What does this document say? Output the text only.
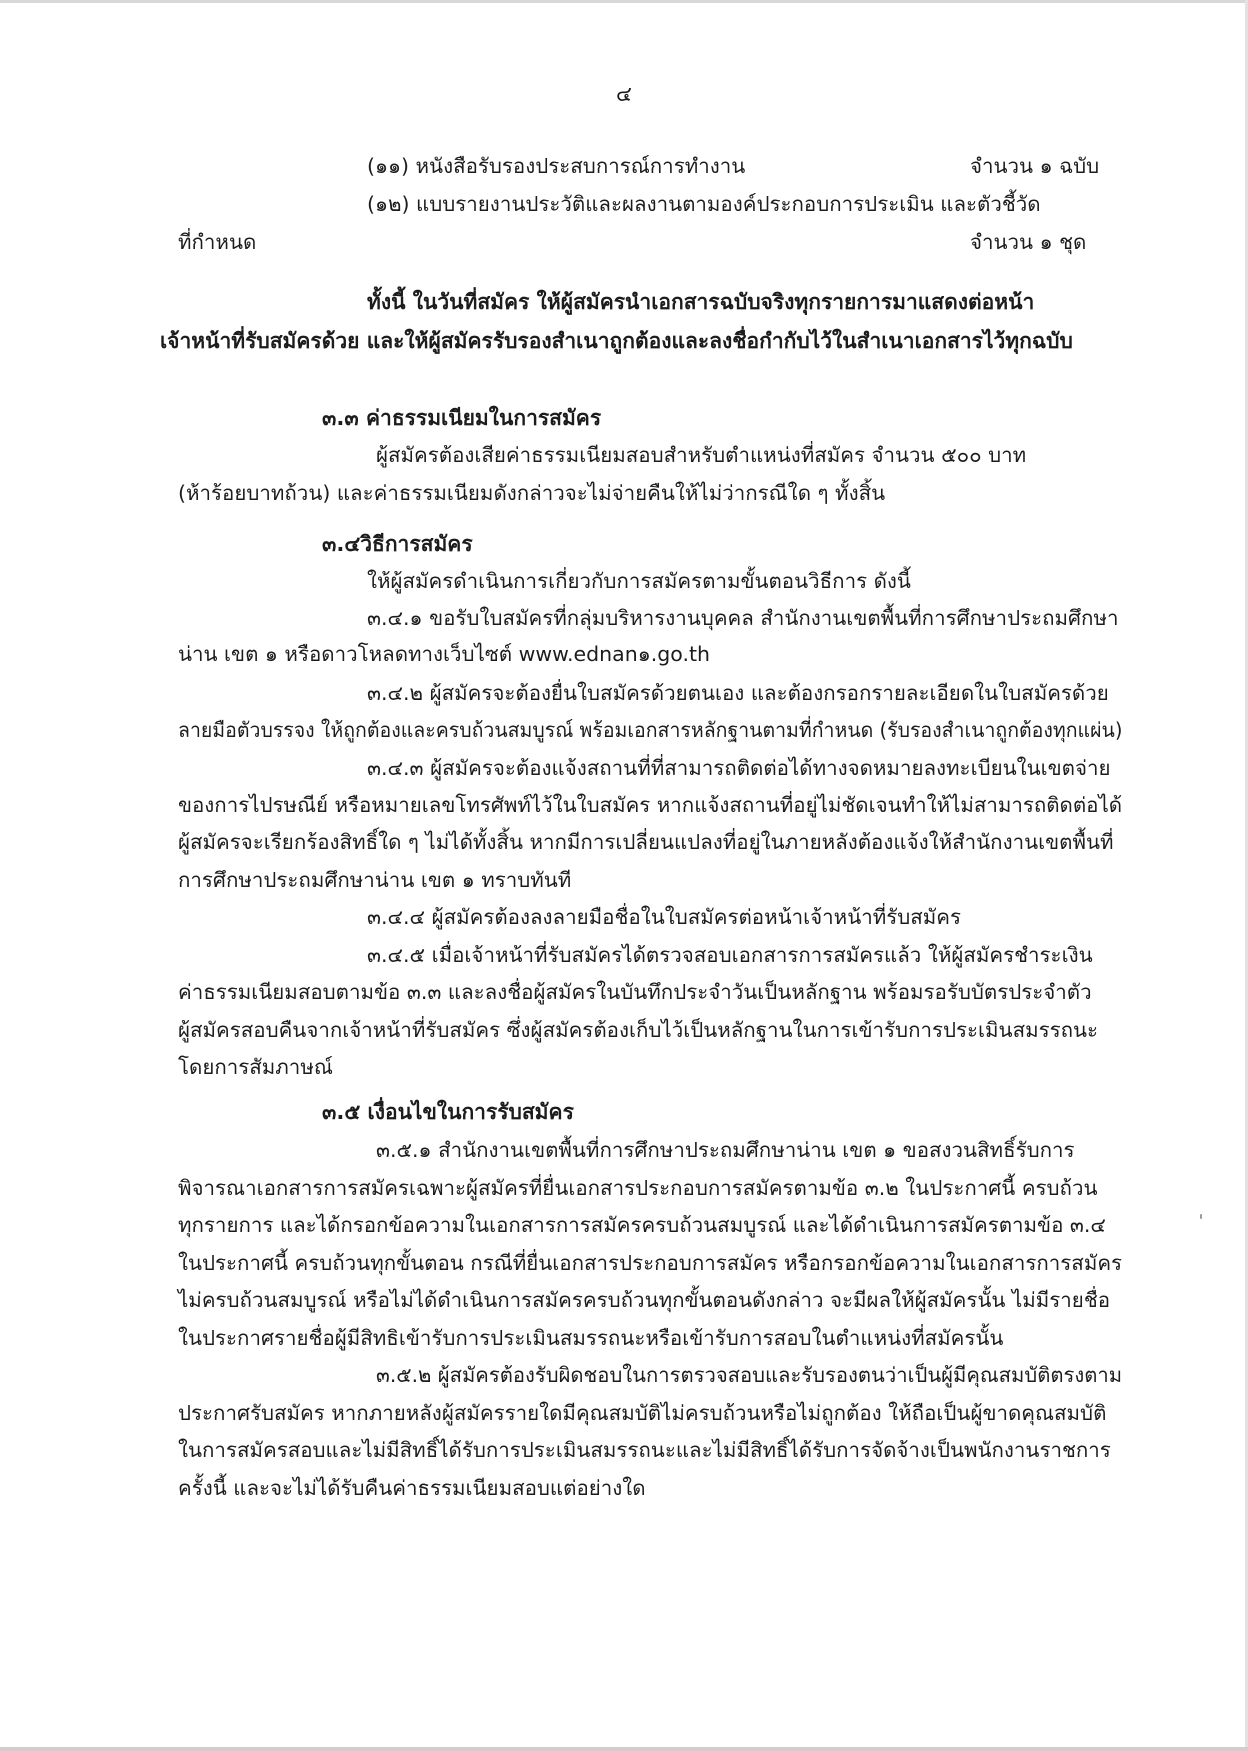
๔
(๑๑) หนังสือรับรองประสบการณ์การทำงาน	จำนวน ๑ ฉบับ
(๑๒) แบบรายงานประวัติและผลงานตามองค์ประกอบการประเมิน และตัวชี้วัด
ที่กำหนด	จำนวน ๑ ชุด
ทั้งนี้ ในวันที่สมัคร ให้ผู้สมัครนำเอกสารฉบับจริงทุกรายการมาแสดงต่อหน้า
เจ้าหน้าที่รับสมัครด้วย และให้ผู้สมัครรับรองสำเนาถูกต้องและลงชื่อกำกับไว้ในสำเนาเอกสารไว้ทุกฉบับ
๓.๓ ค่าธรรมเนียมในการสมัคร
ผู้สมัครต้องเสียค่าธรรมเนียมสอบสำหรับตำแหน่งที่สมัคร จำนวน ๕๐๐ บาท
(ห้าร้อยบาทถ้วน) และค่าธรรมเนียมดังกล่าวจะไม่จ่ายคืนให้ไม่ว่ากรณีใด ๆ ทั้งสิ้น
๓.๔วิธีการสมัคร
ให้ผู้สมัครดำเนินการเกี่ยวกับการสมัครตามขั้นตอนวิธีการ ดังนี้
๓.๔.๑ ขอรับใบสมัครที่กลุ่มบริหารงานบุคคล สำนักงานเขตพื้นที่การศึกษาประถมศึกษา
น่าน เขต ๑ หรือดาวโหลดทางเว็บไซต์ www.ednan๑.go.th
๓.๔.๒ ผู้สมัครจะต้องยื่นใบสมัครด้วยตนเอง และต้องกรอกรายละเอียดในใบสมัครด้วย
ลายมือตัวบรรจง ให้ถูกต้องและครบถ้วนสมบูรณ์ พร้อมเอกสารหลักฐานตามที่กำหนด (รับรองสำเนาถูกต้องทุกแผ่น)
๓.๔.๓ ผู้สมัครจะต้องแจ้งสถานที่ที่สามารถติดต่อได้ทางจดหมายลงทะเบียนในเขตจ่าย
ของการไปรษณีย์ หรือหมายเลขโทรศัพท์ไว้ในใบสมัคร หากแจ้งสถานที่อยู่ไม่ชัดเจนทำให้ไม่สามารถติดต่อได้
ผู้สมัครจะเรียกร้องสิทธิ์ใด ๆ ไม่ได้ทั้งสิ้น หากมีการเปลี่ยนแปลงที่อยู่ในภายหลังต้องแจ้งให้สำนักงานเขตพื้นที่
การศึกษาประถมศึกษาน่าน เขต ๑ ทราบทันที
๓.๔.๔ ผู้สมัครต้องลงลายมือชื่อในใบสมัครต่อหน้าเจ้าหน้าที่รับสมัคร
๓.๔.๕ เมื่อเจ้าหน้าที่รับสมัครได้ตรวจสอบเอกสารการสมัครแล้ว ให้ผู้สมัครชำระเงิน
ค่าธรรมเนียมสอบตามข้อ ๓.๓ และลงชื่อผู้สมัครในบันทึกประจำวันเป็นหลักฐาน พร้อมรอรับบัตรประจำตัว
ผู้สมัครสอบคืนจากเจ้าหน้าที่รับสมัคร ซึ่งผู้สมัครต้องเก็บไว้เป็นหลักฐานในการเข้ารับการประเมินสมรรถนะ
โดยการสัมภาษณ์
๓.๕ เงื่อนไขในการรับสมัคร
๓.๕.๑ สำนักงานเขตพื้นที่การศึกษาประถมศึกษาน่าน เขต ๑ ขอสงวนสิทธิ์รับการ
พิจารณาเอกสารการสมัครเฉพาะผู้สมัครที่ยื่นเอกสารประกอบการสมัครตามข้อ ๓.๒ ในประกาศนี้ ครบถ้วน
ทุกรายการ และได้กรอกข้อความในเอกสารการสมัครครบถ้วนสมบูรณ์ และได้ดำเนินการสมัครตามข้อ ๓.๔
ในประกาศนี้ ครบถ้วนทุกขั้นตอน กรณีที่ยื่นเอกสารประกอบการสมัคร หรือกรอกข้อความในเอกสารการสมัคร
ไม่ครบถ้วนสมบูรณ์ หรือไม่ได้ดำเนินการสมัครครบถ้วนทุกขั้นตอนดังกล่าว จะมีผลให้ผู้สมัครนั้น ไม่มีรายชื่อ
ในประกาศรายชื่อผู้มีสิทธิเข้ารับการประเมินสมรรถนะหรือเข้ารับการสอบในตำแหน่งที่สมัครนั้น
๓.๕.๒ ผู้สมัครต้องรับผิดชอบในการตรวจสอบและรับรองตนว่าเป็นผู้มีคุณสมบัติตรงตาม
ประกาศรับสมัคร หากภายหลังผู้สมัครรายใดมีคุณสมบัติไม่ครบถ้วนหรือไม่ถูกต้อง ให้ถือเป็นผู้ขาดคุณสมบัติ
ในการสมัครสอบและไม่มีสิทธิ์ได้รับการประเมินสมรรถนะและไม่มีสิทธิ์ได้รับการจัดจ้างเป็นพนักงานราชการ
ครั้งนี้ และจะไม่ได้รับคืนค่าธรรมเนียมสอบแต่อย่างใด
